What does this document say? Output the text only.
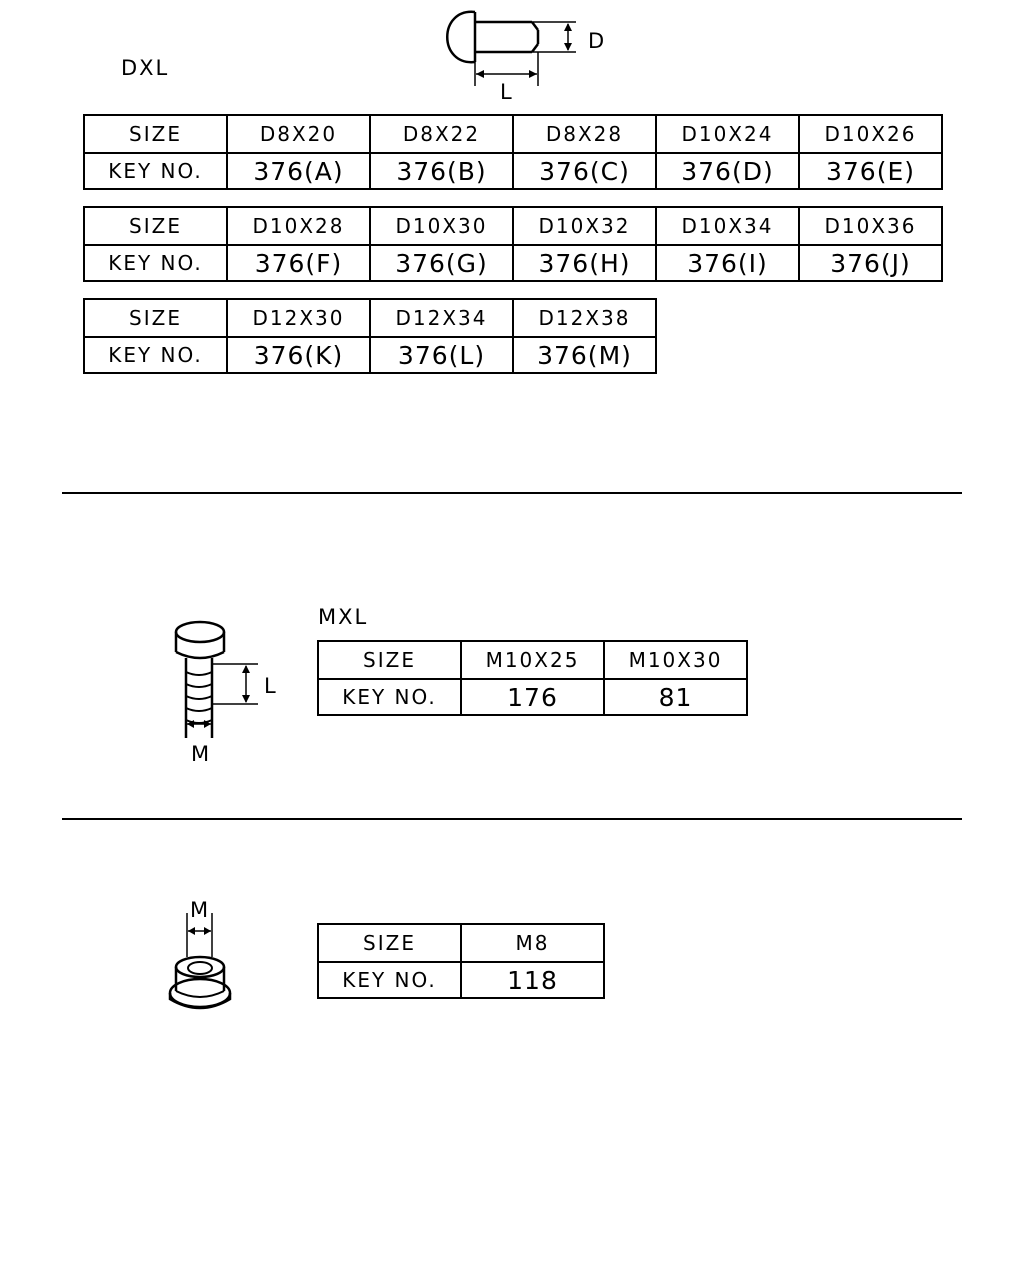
DXL
D
L
SIZE	D8X20	D8X22	D8X28	D10X24	D10X26
KEY NO.	376(A)	376(B)	376(C)	376(D)	376(E)
SIZE	D10X28	D10X30	D10X32	D10X34	D10X36
KEY NO.	376(F)	376(G)	376(H)	376(I)	376(J)
SIZE	D12X30	D12X34	D12X38
KEY NO.	376(K)	376(L)	376(M)
L
M
MXL
SIZE	M10X25	M10X30
KEY NO.	176	81
M
SIZE	M8
KEY NO.	118
